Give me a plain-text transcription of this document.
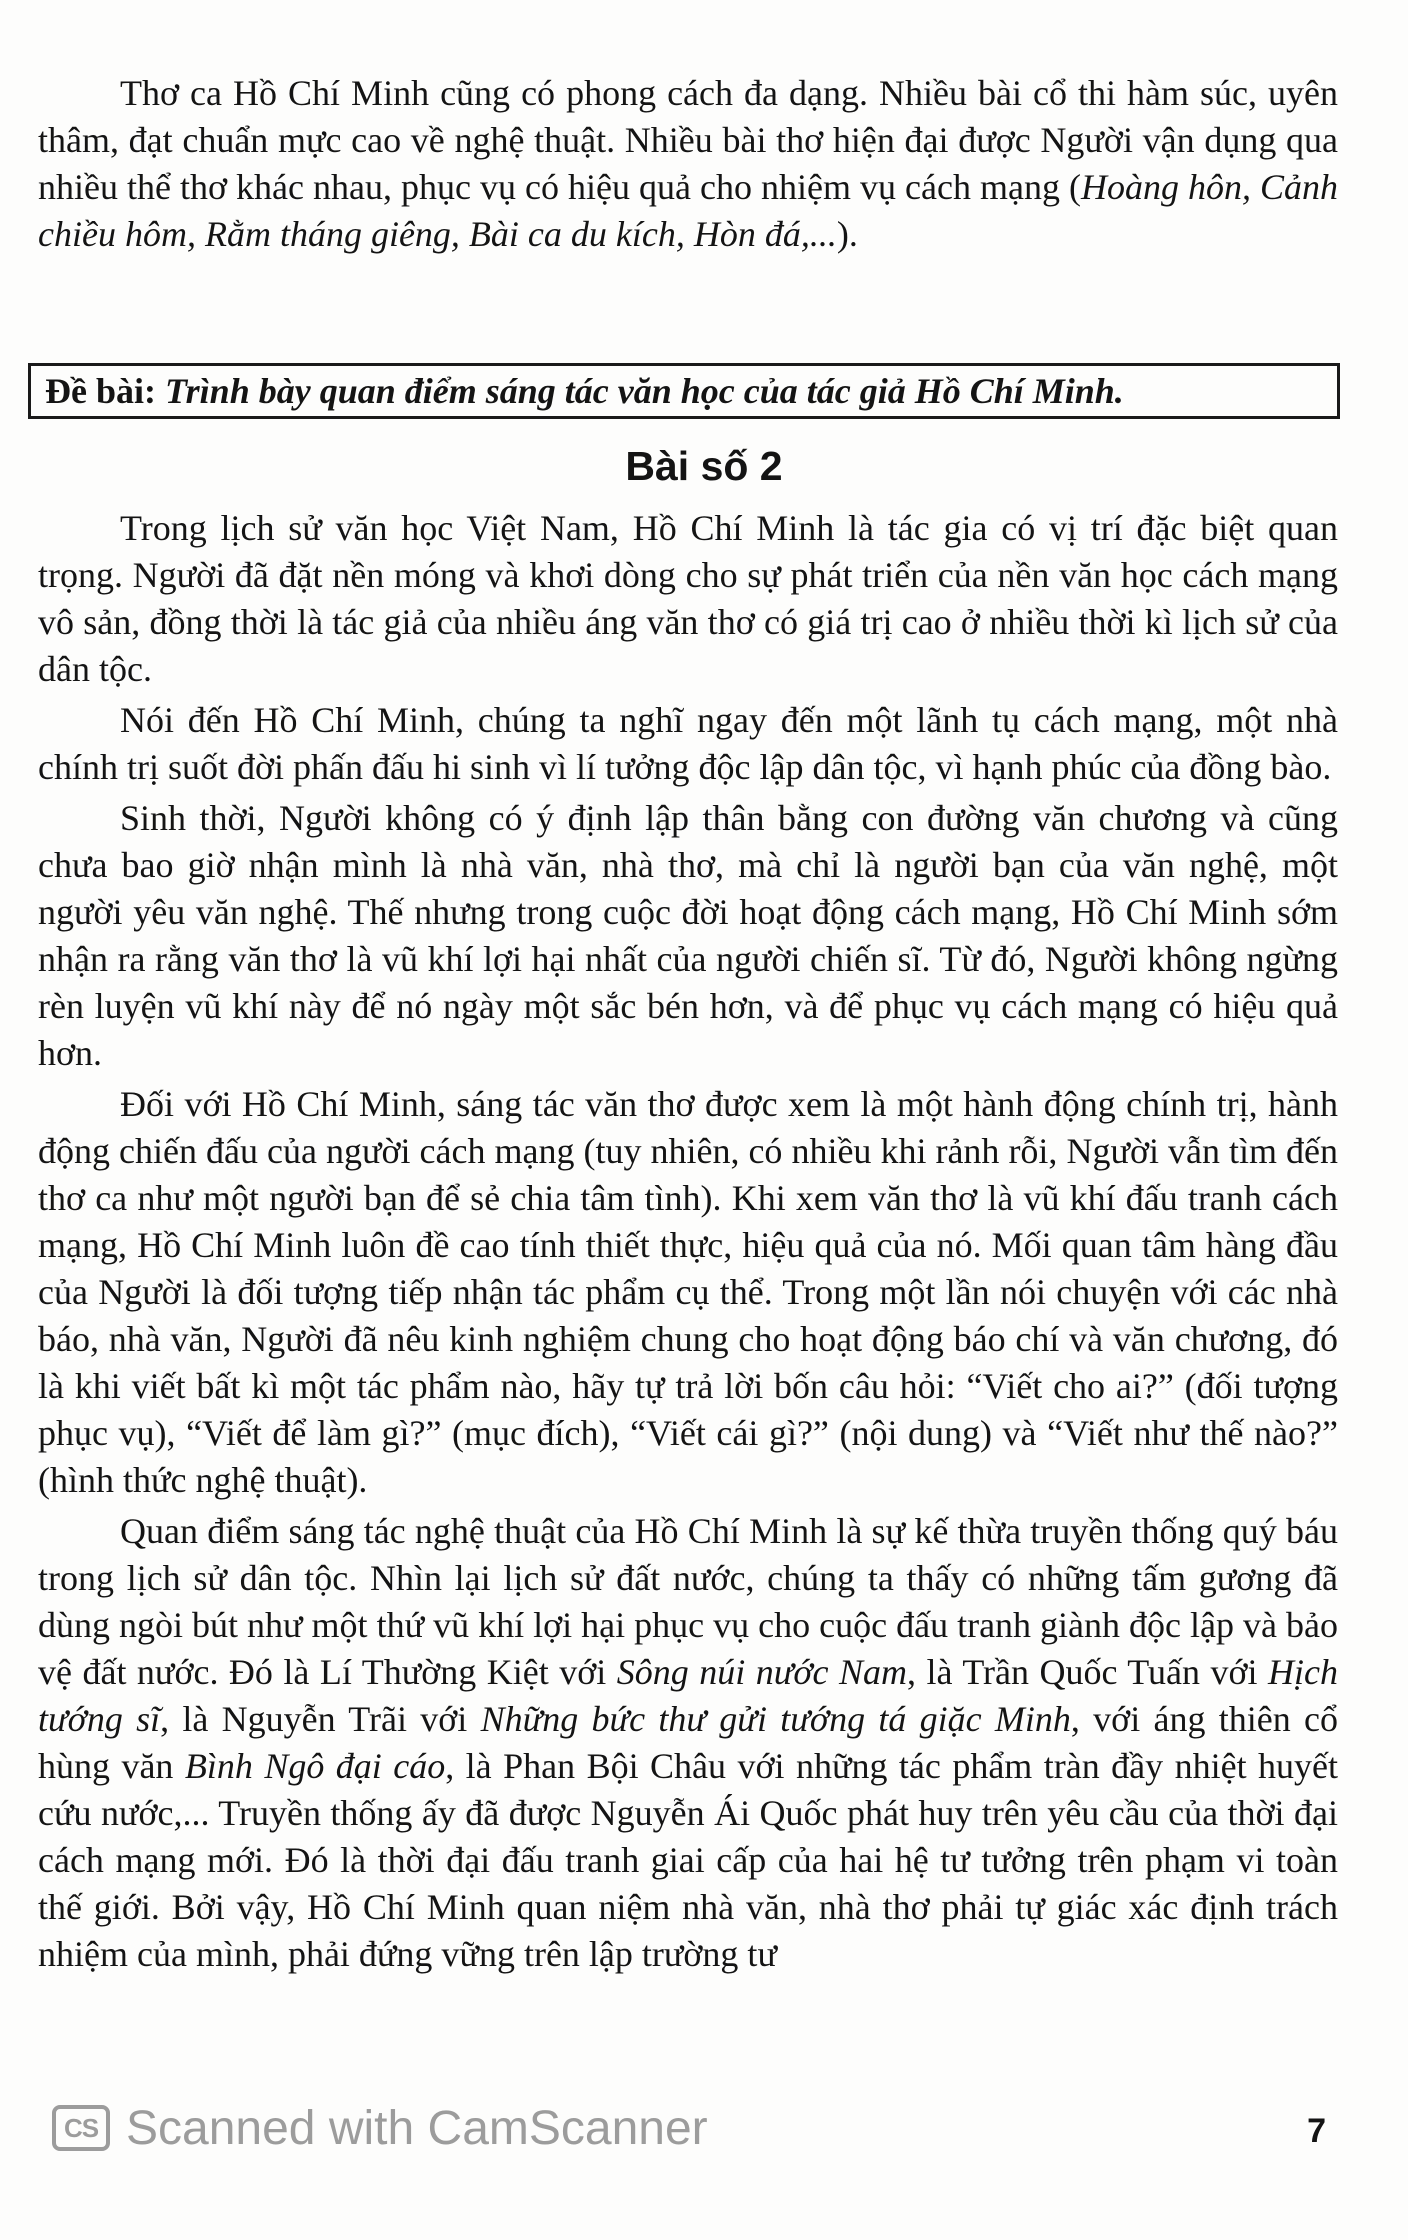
Thơ ca Hồ Chí Minh cũng có phong cách đa dạng. Nhiều bài cổ thi hàm súc, uyên thâm, đạt chuẩn mực cao về nghệ thuật. Nhiều bài thơ hiện đại được Người vận dụng qua nhiều thể thơ khác nhau, phục vụ có hiệu quả cho nhiệm vụ cách mạng (Hoàng hôn, Cảnh chiều hôm, Rằm tháng giêng, Bài ca du kích, Hòn đá,...).

Đề bài: Trình bày quan điểm sáng tác văn học của tác giả Hồ Chí Minh.
Bài số 2

Trong lịch sử văn học Việt Nam, Hồ Chí Minh là tác gia có vị trí đặc biệt quan trọng. Người đã đặt nền móng và khơi dòng cho sự phát triển của nền văn học cách mạng vô sản, đồng thời là tác giả của nhiều áng văn thơ có giá trị cao ở nhiều thời kì lịch sử của dân tộc.

Nói đến Hồ Chí Minh, chúng ta nghĩ ngay đến một lãnh tụ cách mạng, một nhà chính trị suốt đời phấn đấu hi sinh vì lí tưởng độc lập dân tộc, vì hạnh phúc của đồng bào.

Sinh thời, Người không có ý định lập thân bằng con đường văn chương và cũng chưa bao giờ nhận mình là nhà văn, nhà thơ, mà chỉ là người bạn của văn nghệ, một người yêu văn nghệ. Thế nhưng trong cuộc đời hoạt động cách mạng, Hồ Chí Minh sớm nhận ra rằng văn thơ là vũ khí lợi hại nhất của người chiến sĩ. Từ đó, Người không ngừng rèn luyện vũ khí này để nó ngày một sắc bén hơn, và để phục vụ cách mạng có hiệu quả hơn.

Đối với Hồ Chí Minh, sáng tác văn thơ được xem là một hành động chính trị, hành động chiến đấu của người cách mạng (tuy nhiên, có nhiều khi rảnh rỗi, Người vẫn tìm đến thơ ca như một người bạn để sẻ chia tâm tình). Khi xem văn thơ là vũ khí đấu tranh cách mạng, Hồ Chí Minh luôn đề cao tính thiết thực, hiệu quả của nó. Mối quan tâm hàng đầu của Người là đối tượng tiếp nhận tác phẩm cụ thể. Trong một lần nói chuyện với các nhà báo, nhà văn, Người đã nêu kinh nghiệm chung cho hoạt động báo chí và văn chương, đó là khi viết bất kì một tác phẩm nào, hãy tự trả lời bốn câu hỏi: “Viết cho ai?” (đối tượng phục vụ), “Viết để làm gì?” (mục đích), “Viết cái gì?” (nội dung) và “Viết như thế nào?” (hình thức nghệ thuật).

Quan điểm sáng tác nghệ thuật của Hồ Chí Minh là sự kế thừa truyền thống quý báu trong lịch sử dân tộc. Nhìn lại lịch sử đất nước, chúng ta thấy có những tấm gương đã dùng ngòi bút như một thứ vũ khí lợi hại phục vụ cho cuộc đấu tranh giành độc lập và bảo vệ đất nước. Đó là Lí Thường Kiệt với Sông núi nước Nam, là Trần Quốc Tuấn với Hịch tướng sĩ, là Nguyễn Trãi với Những bức thư gửi tướng tá giặc Minh, với áng thiên cổ hùng văn Bình Ngô đại cáo, là Phan Bội Châu với những tác phẩm tràn đầy nhiệt huyết cứu nước,... Truyền thống ấy đã được Nguyễn Ái Quốc phát huy trên yêu cầu của thời đại cách mạng mới. Đó là thời đại đấu tranh giai cấp của hai hệ tư tưởng trên phạm vi toàn thế giới. Bởi vậy, Hồ Chí Minh quan niệm nhà văn, nhà thơ phải tự giác xác định trách nhiệm của mình, phải đứng vững trên lập trường tư

CS Scanned with CamScanner	7
